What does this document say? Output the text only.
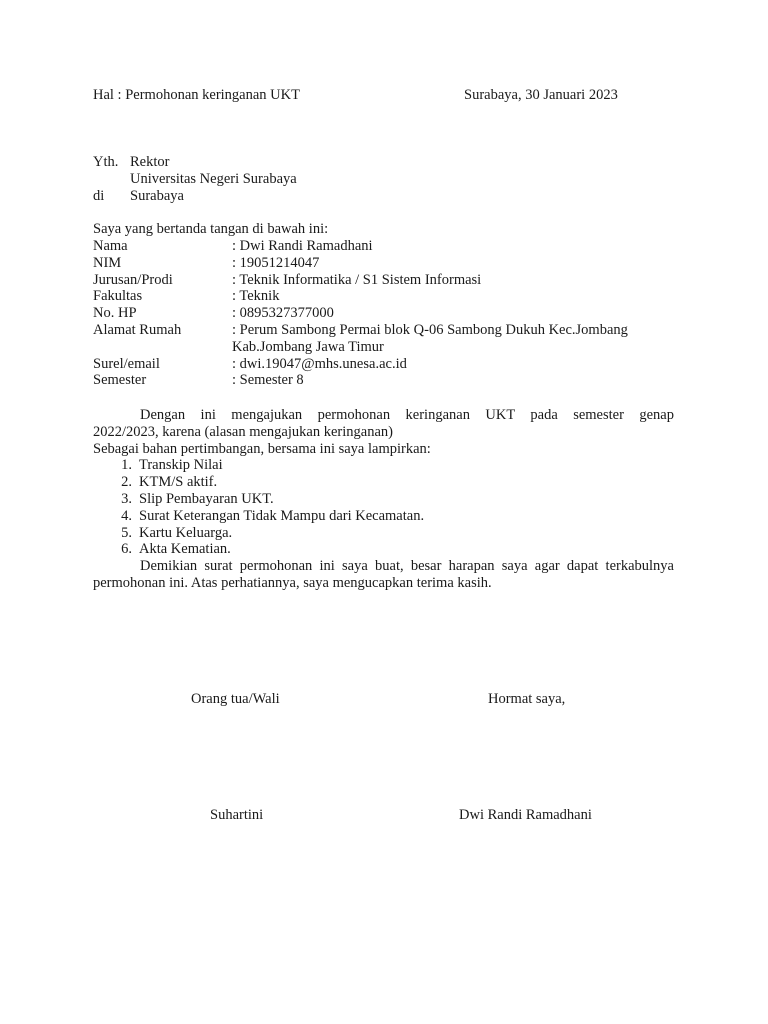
Hal : Permohonan keringanan UKT	Surabaya, 30 Januari 2023
Yth. Rektor
Universitas Negeri Surabaya
di Surabaya
Saya yang bertanda tangan di bawah ini:
Nama	: Dwi Randi Ramadhani
NIM	: 19051214047
Jurusan/Prodi	: Teknik Informatika / S1 Sistem Informasi
Fakultas	: Teknik
No. HP	: 0895327377000
Alamat Rumah	: Perum Sambong Permai blok Q-06 Sambong Dukuh Kec.Jombang
Kab.Jombang Jawa Timur
Surel/email	: dwi.19047@mhs.unesa.ac.id
Semester	: Semester 8
Dengan ini mengajukan permohonan keringanan UKT pada semester genap
2022/2023, karena (alasan mengajukan keringanan)
Sebagai bahan pertimbangan, bersama ini saya lampirkan:
1. Transkip Nilai
2. KTM/S aktif.
3. Slip Pembayaran UKT.
4. Surat Keterangan Tidak Mampu dari Kecamatan.
5. Kartu Keluarga.
6. Akta Kematian.
Demikian surat permohonan ini saya buat, besar harapan saya agar dapat terkabulnya
permohonan ini. Atas perhatiannya, saya mengucapkan terima kasih.
Orang tua/Wali	Hormat saya,
Suhartini	Dwi Randi Ramadhani
